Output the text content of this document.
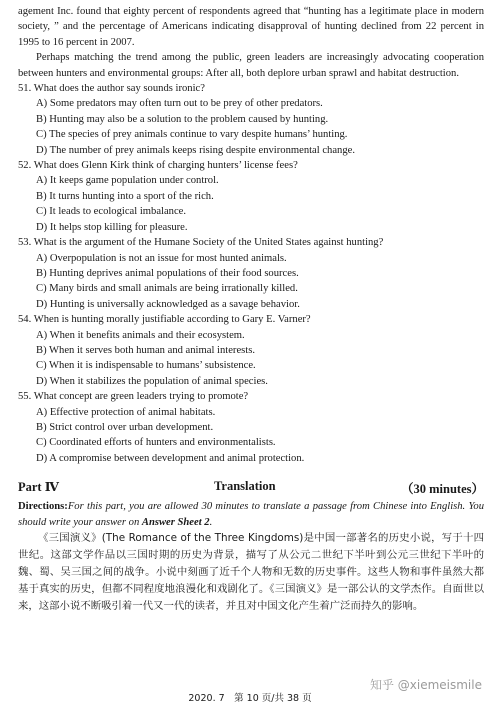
agement Inc. found that eighty percent of respondents agreed that “hunting has a legitimate place in modern society, ” and the percentage of Americans indicating disapproval of hunting declined from 22 percent in 1995 to 16 percent in 2007.

Perhaps matching the trend among the public, green leaders are increasingly advocating cooperation between hunters and environmental groups: After all, both deplore urban sprawl and habitat destruction.

51. What does the author say sounds ironic?

A) Some predators may often turn out to be prey of other predators.

B) Hunting may also be a solution to the problem caused by hunting.

C) The species of prey animals continue to vary despite humans’ hunting.

D) The number of prey animals keeps rising despite environmental change.

52. What does Glenn Kirk think of charging hunters’ license fees?

A) It keeps game population under control.

B) It turns hunting into a sport of the rich.

C) It leads to ecological imbalance.

D) It helps stop killing for pleasure.

53. What is the argument of the Humane Society of the United States against hunting?

A) Overpopulation is not an issue for most hunted animals.

B) Hunting deprives animal populations of their food sources.

C) Many birds and small animals are being irrationally killed.

D) Hunting is universally acknowledged as a savage behavior.

54. When is hunting morally justifiable according to Gary E. Varner?

A) When it benefits animals and their ecosystem.

B) When it serves both human and animal interests.

C) When it is indispensable to humans’ subsistence.

D) When it stabilizes the population of animal species.

55. What concept are green leaders trying to promote?

A) Effective protection of animal habitats.

B) Strict control over urban development.

C) Coordinated efforts of hunters and environmentalists.

D) A compromise between development and animal protection.

Part Ⅳ	Translation	（30 minutes）

Directions:For this part, you are allowed 30 minutes to translate a passage from Chinese into English. You should write your answer on Answer Sheet 2.

《三国演义》(The Romance of the Three Kingdoms)是中国一部著名的历史小说，写于十四世纪。这部文学作品以三国时期的历史为背景，描写了从公元二世纪下半叶到公元三世纪下半叶的魏、蜀、吴三国之间的战争。小说中刻画了近千个人物和无数的历史事件。这些人物和事件虽然大都基于真实的历史，但都不同程度地浪漫化和戏剧化了。《三国演义》是一部公认的文学杰作。自面世以来，这部小说不断吸引着一代又一代的读者，并且对中国文化产生着广泛而持久的影响。

知乎 @xiemeismile
2020. 7　第 10 页/共 38 页
